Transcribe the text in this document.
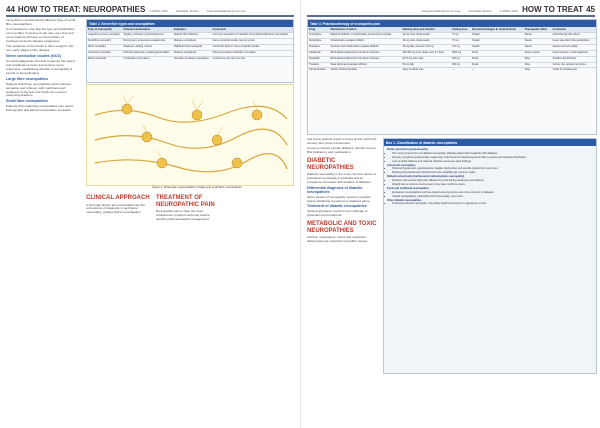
44 HOW TO TREAT: NEUROPATHIES 1 APRIL 2012	Australian Doctor	www.australiandoctor.com.au

nerve fibre is predominantly affected (type of small fibre neuropathies).

It is important to note that the type and distribution of nerve fibre involvement can vary over time and some patients will have a mixed pattern of involvement as the disease progresses.

The weakness of the hands is often sought in the very early stages of the disease.

Nerve conduction studies (NCS)

An electrodiagnostic test that measures the speed and amplitude of motor and sensory nerve responses, establishing whether a neuropathy is axonal or demyelinating.

Large fibre neuropathies

Patients with these neuropathies show reduced sensation and reflexes, with numbness and weakness of the feet and hands as common presenting features.

Small fibre neuropathies

Patients with small fibre neuropathies may report burning pain and altered temperature sensation.

Table 2. Nerve fibre types and neuropathies
Type of neuropathy	Clinical manifestation	Examples	Comments
Large fibre sensory neuropathy	Tingling, numbness, proprioceptive loss	Diabetic, B12 deficiency	Common presentation of metabolic and nutritional deficiency neuropathies
Small fibre neuropathy	Burning pain, temperature sensation loss	Diabetes, amyloidosis	Nerve conduction studies may be normal
Motor neuropathy	Weakness, wasting, cramps	Multifocal motor neuropathy	Conduction block on nerve conduction studies
Autonomic neuropathy	Postural hypotension, sweating abnormalities	Diabetes, amyloidosis	Often accompanies small fibre neuropathy
Mixed neuropathy	Combination of the above	Vasculitis, hereditary neuropathies	Involvement may vary over time
Figure 1. Schematic representation of large and small fibre neuropathies.
CLINICAL APPROACH

A thorough history and examination are the cornerstone of diagnosis in peripheral neuropathy, guiding further investigation.

TREATMENT OF NEUROPATHIC PAIN

Neuropathic pain is often the most troublesome symptom and may require specific pharmacological management.

www.australiandoctor.com.au	Australian Doctor	1 APRIL 2012 HOW TO TREAT 45
Table 3. Pharmacotherapy of neuropathic pain
Drug	Mechanism of action	Starting dose and titration	Ceiling dose	Excretion/changes in renal function	Therapeutic effect	Comments
Amitriptyline	Balanced inhibition of noradrenaline and serotonin reuptake	10 mg nocte, titrate weekly	75 mg	Hepatic	Weeks	Anticholinergic side effects
Nortriptyline	Noradrenaline reuptake inhibition	10 mg nocte, titrate weekly	75 mg	Hepatic	Weeks	Fewer side effects than amitriptyline
Duloxetine	Serotonin and noradrenaline reuptake inhibition	30 mg daily, increase to 60 mg	120 mg	Hepatic	Weeks	Nausea common initially
Gabapentin	Binds alpha-2-delta subunit of calcium channels	100-300 mg nocte, titrate every 3-7 days	3600 mg	Renal	Days to weeks	Dose reduction in renal impairment
Pregabalin	Binds alpha-2-delta subunit of calcium channels	25-75 mg twice daily	600 mg	Renal	Days	Sedation and dizziness
Tramadol	Weak opioid and reuptake inhibition	50 mg daily	400 mg	Renal	Days	Seizure risk, serotonin syndrome
Topical lidocaine	Sodium channel blockade	Apply to painful area	—	—	Days	Useful for localised pain

and some patients report a mixed picture with both sensory and motor involvement.

Common causes include diabetes, alcohol excess, B12 deficiency and medications.

DIABETIC NEUROPATHIES

Diabetic neuropathy is the most common cause of peripheral neuropathy in Australia and its prevalence increases with duration of diabetes.

Differential diagnosis of diabetic neuropathies

Other causes of neuropathy must be excluded before attributing symptoms to diabetes alone.

Treatment of diabetic neuropathies

Optimal glycaemic control is the mainstay of prevention and treatment.

METABOLIC AND TOXIC NEUROPATHIES

Alcohol, medications, toxins and nutritional deficiencies are important reversible causes.

Box 1. Classification of diabetic neuropathies
Distal symmetric polyneuropathy
• The most common form of diabetic neuropathy, affecting about half of patients with diabetes.
• Sensory symptoms predominate, beginning in the feet and progressing proximally in a glove and stocking distribution.
• Loss of ankle reflexes and reduced vibration sense are early findings.
Autonomic neuropathy
• Postural hypotension, gastroparesis, bladder dysfunction and erectile dysfunction may occur.
• Resting tachycardia and reduced heart rate variability are common signs.
Diabetic amyotrophy (lumbosacral radiculoplexus neuropathy)
• Presents with severe thigh pain followed by proximal leg weakness and wasting.
• Weight loss is common and recovery may take months to years.
Focal and multifocal neuropathies
• Entrapment neuropathies such as carpal tunnel syndrome are more common in diabetes.
• Cranial neuropathies, particularly third nerve palsy, may occur.
Other diabetic neuropathies
• Treatment-induced neuropathy may follow rapid improvement in glycaemic control.
